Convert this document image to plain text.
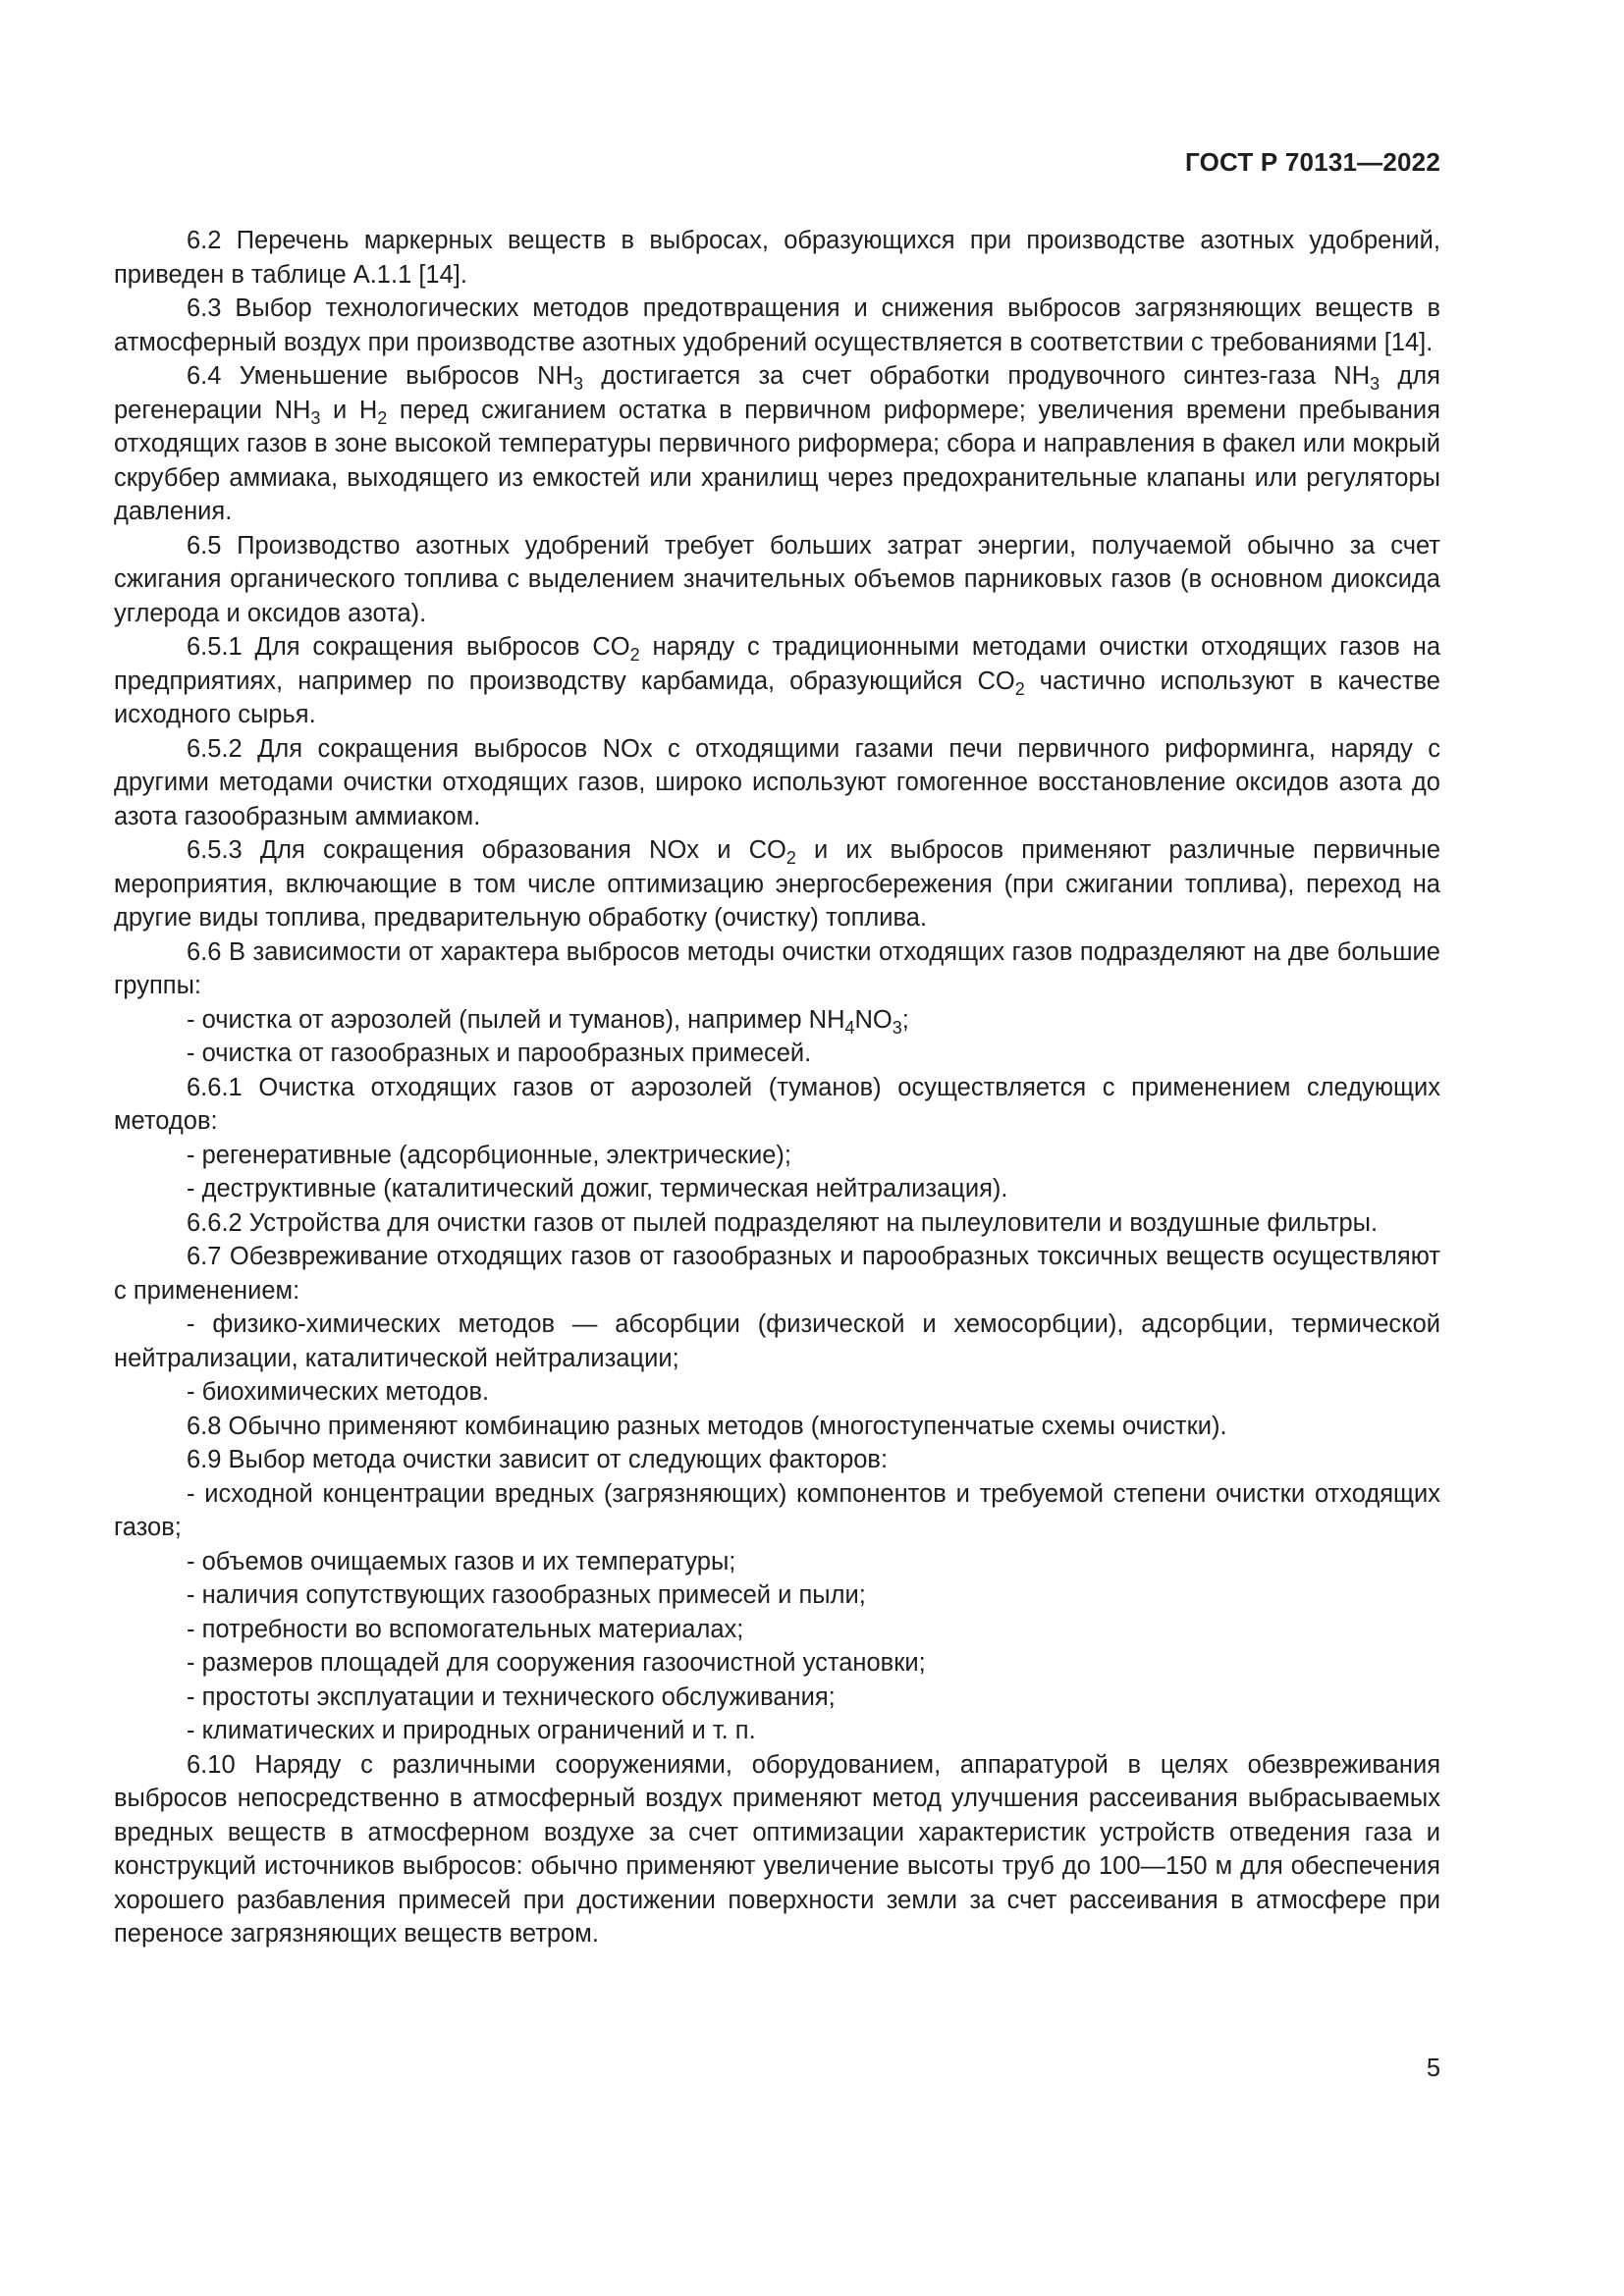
ГОСТ Р 70131—2022

6.2 Перечень маркерных веществ в выбросах, образующихся при производстве азотных удобрений, приведен в таблице А.1.1 [14].

6.3 Выбор технологических методов предотвращения и снижения выбросов загрязняющих веществ в атмосферный воздух при производстве азотных удобрений осуществляется в соответствии с требованиями [14].

6.4 Уменьшение выбросов $NH_3$ достигается за счет обработки продувочного синтез-газа $NH_3$ для регенерации $NH_3$ и $H_2$ перед сжиганием остатка в первичном риформере; увеличения времени пребывания отходящих газов в зоне высокой температуры первичного риформера; сбора и направления в факел или мокрый скруббер аммиака, выходящего из емкостей или хранилищ через предохранительные клапаны или регуляторы давления.

6.5 Производство азотных удобрений требует больших затрат энергии, получаемой обычно за счет сжигания органического топлива с выделением значительных объемов парниковых газов (в основном диоксида углерода и оксидов азота).

6.5.1 Для сокращения выбросов $CO_2$ наряду с традиционными методами очистки отходящих газов на предприятиях, например по производству карбамида, образующийся $CO_2$ частично используют в качестве исходного сырья.

6.5.2 Для сокращения выбросов NOx с отходящими газами печи первичного риформинга, наряду с другими методами очистки отходящих газов, широко используют гомогенное восстановление оксидов азота до азота газообразным аммиаком.

6.5.3 Для сокращения образования NOx и $CO_2$ и их выбросов применяют различные первичные мероприятия, включающие в том числе оптимизацию энергосбережения (при сжигании топлива), переход на другие виды топлива, предварительную обработку (очистку) топлива.

6.6 В зависимости от характера выбросов методы очистки отходящих газов подразделяют на две большие группы:

- очистка от аэрозолей (пылей и туманов), например $NH_4NO_3$;

- очистка от газообразных и парообразных примесей.

6.6.1 Очистка отходящих газов от аэрозолей (туманов) осуществляется с применением следующих методов:

- регенеративные (адсорбционные, электрические);

- деструктивные (каталитический дожиг, термическая нейтрализация).

6.6.2 Устройства для очистки газов от пылей подразделяют на пылеуловители и воздушные фильтры.

6.7 Обезвреживание отходящих газов от газообразных и парообразных токсичных веществ осуществляют с применением:

- физико-химических методов — абсорбции (физической и хемосорбции), адсорбции, термической нейтрализации, каталитической нейтрализации;

- биохимических методов.

6.8 Обычно применяют комбинацию разных методов (многоступенчатые схемы очистки).

6.9 Выбор метода очистки зависит от следующих факторов:

- исходной концентрации вредных (загрязняющих) компонентов и требуемой степени очистки отходящих газов;

- объемов очищаемых газов и их температуры;

- наличия сопутствующих газообразных примесей и пыли;

- потребности во вспомогательных материалах;

- размеров площадей для сооружения газоочистной установки;

- простоты эксплуатации и технического обслуживания;

- климатических и природных ограничений и т. п.

6.10 Наряду с различными сооружениями, оборудованием, аппаратурой в целях обезвреживания выбросов непосредственно в атмосферный воздух применяют метод улучшения рассеивания выбрасываемых вредных веществ в атмосферном воздухе за счет оптимизации характеристик устройств отведения газа и конструкций источников выбросов: обычно применяют увеличение высоты труб до 100—150 м для обеспечения хорошего разбавления примесей при достижении поверхности земли за счет рассеивания в атмосфере при переносе загрязняющих веществ ветром.

5
